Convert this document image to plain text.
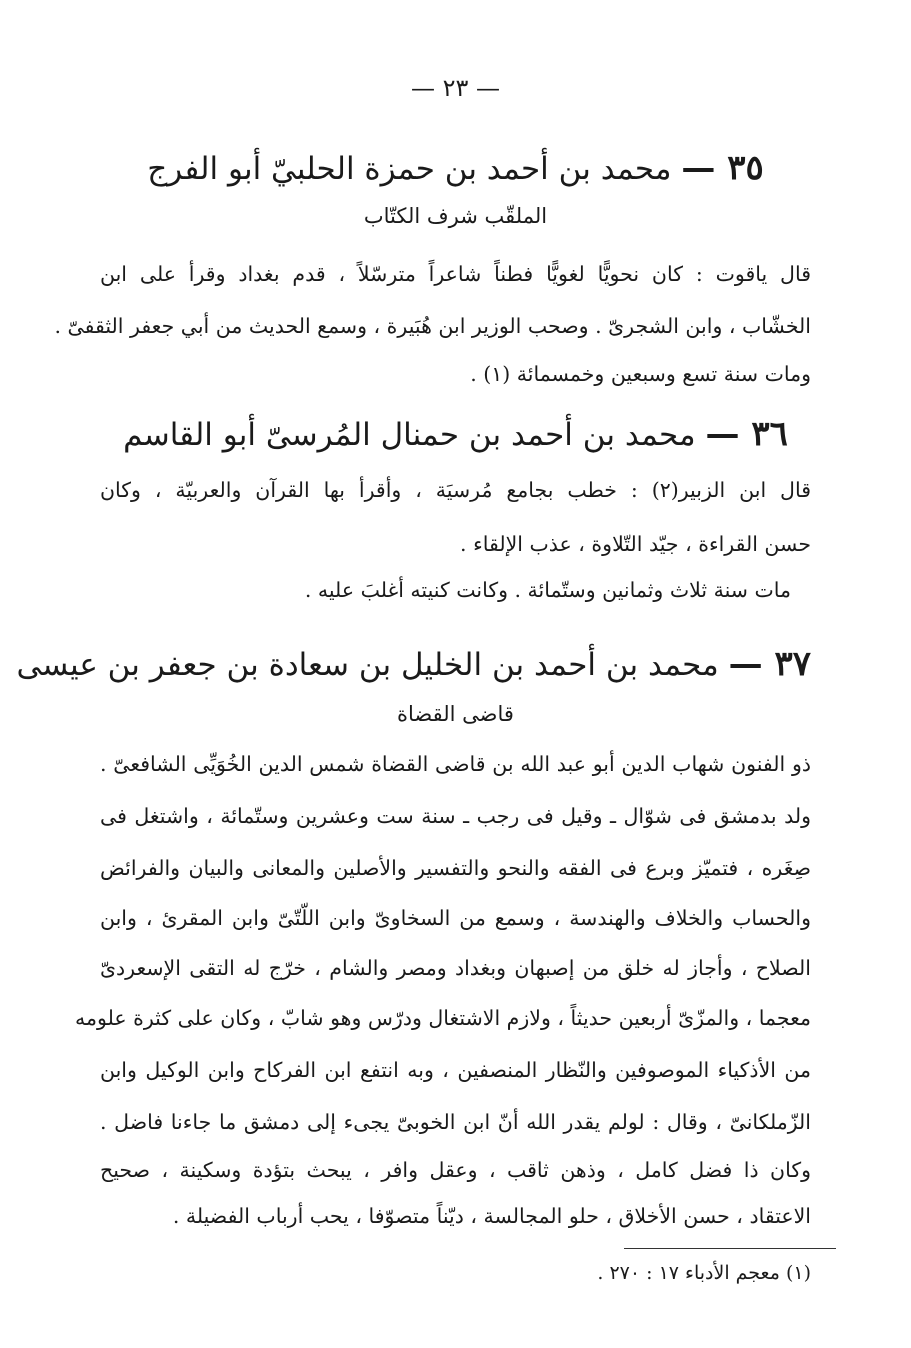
— ٢٣ —
٣٥ — محمد بن أحمد بن حمزة الحلبيّ أبو الفرج
الملقّب شرف الكتّاب
قال ياقوت : كان نحويًّا لغويًّا فطناً شاعراً مترسّلاً ، قدم بغداد وقرأ على ابن
الخشّاب ، وابن الشجرىّ . وصحب الوزير ابن هُبَيرة ، وسمع الحديث من أبي جعفر الثقفىّ .
ومات سنة تسع وسبعين وخمسمائة (١) .
٣٦ — محمد بن أحمد بن حمنال المُرسىّ أبو القاسم
قال ابن الزبير(٢) : خطب بجامع مُرسيَة ، وأقرأ بها القرآن والعربيّة ، وكان
حسن القراءة ، جيّد التّلاوة ، عذب الإلقاء .
مات سنة ثلاث وثمانين وستّمائة . وكانت كنيته أغلبَ عليه .
٣٧ — محمد بن أحمد بن الخليل بن سعادة بن جعفر بن عيسى
قاضى القضاة
ذو الفنون شهاب الدين أبو عبد الله بن قاضى القضاة شمس الدين الخُوَيِّى الشافعىّ .
ولد بدمشق فى شوّال ـ وقيل فى رجب ـ سنة ست وعشرين وستّمائة ، واشتغل فى
صِغَره ، فتميّز وبرع فى الفقه والنحو والتفسير والأصلين والمعانى والبيان والفرائض
والحساب والخلاف والهندسة ، وسمع من السخاوىّ وابن اللّتّىّ وابن المقرئ ، وابن
الصلاح ، وأجاز له خلق من إصبهان وبغداد ومصر والشام ، خرّج له التقى الإسعردىّ
معجما ، والمزّىّ أربعين حديثاً ، ولازم الاشتغال ودرّس وهو شابّ ، وكان على كثرة علومه
من الأذكياء الموصوفين والنّظار المنصفين ، وبه انتفع ابن الفركاح وابن الوكيل وابن
الزّملكانىّ ، وقال : لولم يقدر الله أنّ ابن الخوبىّ يجىء إلى دمشق ما جاءنا فاضل .
وكان ذا فضل كامل ، وذهن ثاقب ، وعقل وافر ، يبحث بتؤدة وسكينة ، صحيح
الاعتقاد ، حسن الأخلاق ، حلو المجالسة ، ديّناً متصوّفا ، يحب أرباب الفضيلة .
(١) معجم الأدباء ١٧ : ٢٧٠ .
